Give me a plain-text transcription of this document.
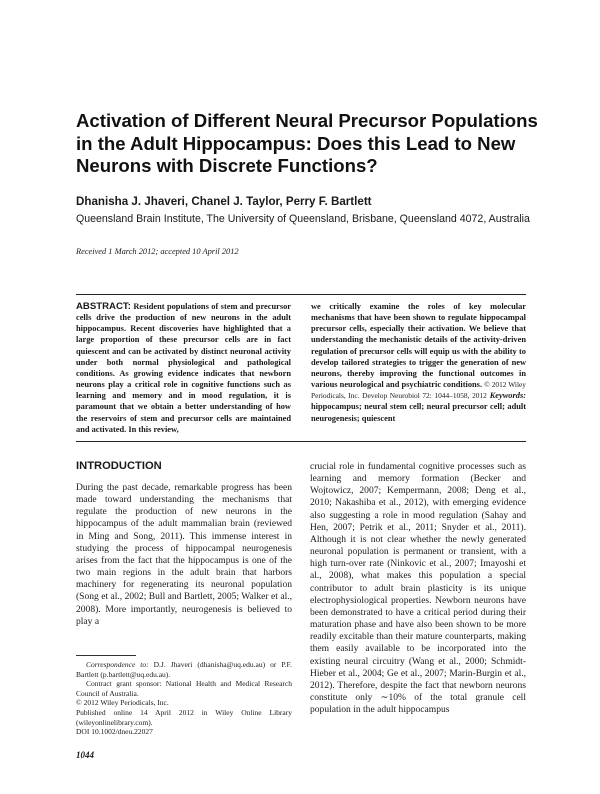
Activation of Different Neural Precursor Populations in the Adult Hippocampus: Does this Lead to New Neurons with Discrete Functions?
Dhanisha J. Jhaveri, Chanel J. Taylor, Perry F. Bartlett
Queensland Brain Institute, The University of Queensland, Brisbane, Queensland 4072, Australia
Received 1 March 2012; accepted 10 April 2012
ABSTRACT: Resident populations of stem and precursor cells drive the production of new neurons in the adult hippocampus. Recent discoveries have highlighted that a large proportion of these precursor cells are in fact quiescent and can be activated by distinct neuronal activity under both normal physiological and pathological conditions. As growing evidence indicates that newborn neurons play a critical role in cognitive functions such as learning and memory and in mood regulation, it is paramount that we obtain a better understanding of how the reservoirs of stem and precursor cells are maintained and activated. In this review,
we critically examine the roles of key molecular mechanisms that have been shown to regulate hippocampal precursor cells, especially their activation. We believe that understanding the mechanistic details of the activity-driven regulation of precursor cells will equip us with the ability to develop tailored strategies to trigger the generation of new neurons, thereby improving the functional outcomes in various neurological and psychiatric conditions. © 2012 Wiley Periodicals, Inc. Develop Neurobiol 72: 1044–1058, 2012 Keywords: hippocampus; neural stem cell; neural precursor cell; adult neurogenesis; quiescent
INTRODUCTION

During the past decade, remarkable progress has been made toward understanding the mechanisms that regulate the production of new neurons in the hippocampus of the adult mammalian brain (reviewed in Ming and Song, 2011). This immense interest in studying the process of hippocampal neurogenesis arises from the fact that the hippocampus is one of the two main regions in the adult brain that harbors machinery for regenerating its neuronal population (Song et al., 2002; Bull and Bartlett, 2005; Walker et al., 2008). More importantly, neurogenesis is believed to play a

crucial role in fundamental cognitive processes such as learning and memory formation (Becker and Wojtowicz, 2007; Kempermann, 2008; Deng et al., 2010; Nakashiba et al., 2012), with emerging evidence also suggesting a role in mood regulation (Sahay and Hen, 2007; Petrik et al., 2011; Snyder et al., 2011). Although it is not clear whether the newly generated neuronal population is permanent or transient, with a high turn-over rate (Ninkovic et al., 2007; Imayoshi et al., 2008), what makes this population a special contributor to adult brain plasticity is its unique electrophysiological properties. Newborn neurons have been demonstrated to have a critical period during their maturation phase and have also been shown to be more readily excitable than their mature counterparts, making them easily available to be incorporated into the existing neural circuitry (Wang et al., 2000; Schmidt-Hieber et al., 2004; Ge et al., 2007; Marin-Burgin et al., 2012). Therefore, despite the fact that newborn neurons constitute only ∼10% of the total granule cell population in the adult hippocampus

Correspondence to: D.J. Jhaveri (dhanisha@uq.edu.au) or P.F. Bartlett (p.bartlett@uq.edu.au).

Contract grant sponsor: National Health and Medical Research Council of Australia.

© 2012 Wiley Periodicals, Inc.

Published online 14 April 2012 in Wiley Online Library (wileyonlinelibrary.com).

DOI 10.1002/dneu.22027

1044
